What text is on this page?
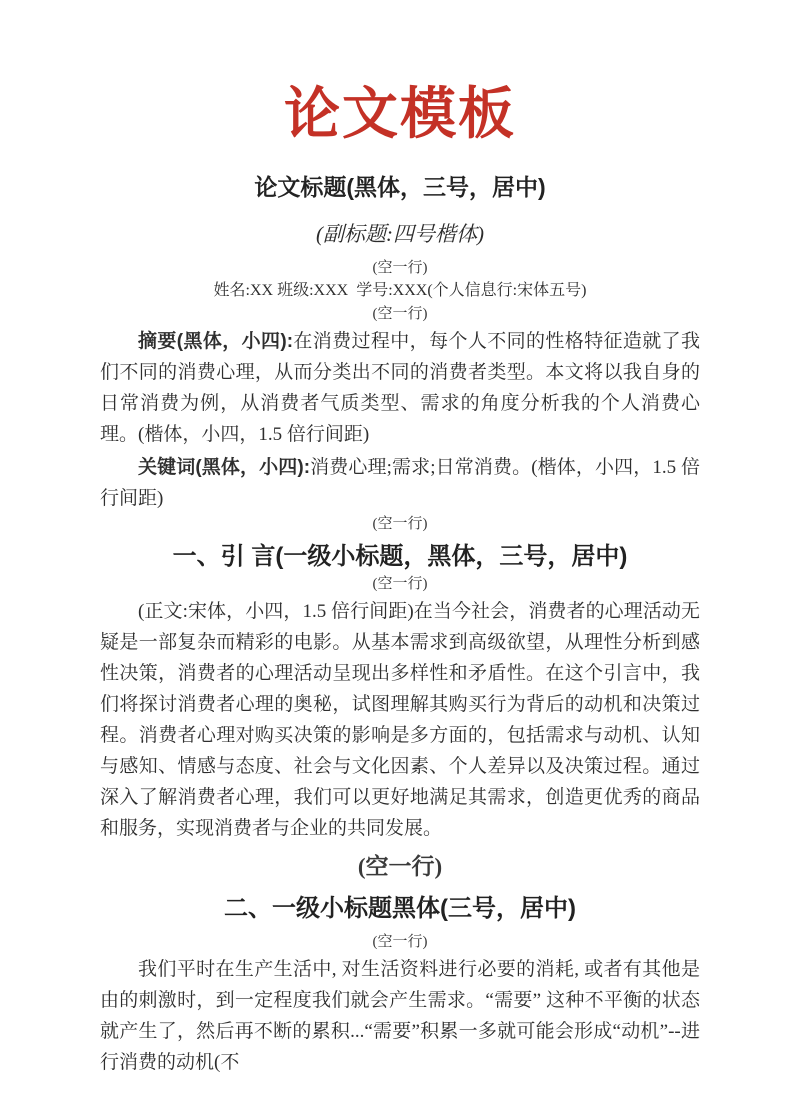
论文模板
论文标题(黑体，三号，居中)
(副标题:四号楷体)
(空一行)
姓名:XX 班级:XXX  学号:XXX(个人信息行:宋体五号)
(空一行)

摘要(黑体，小四):在消费过程中，每个人不同的性格特征造就了我们不同的消费心理，从而分类出不同的消费者类型。本文将以我自身的日常消费为例，从消费者气质类型、需求的角度分析我的个人消费心理。(楷体，小四，1.5 倍行间距)

关键词(黑体，小四):消费心理;需求;日常消费。(楷体，小四，1.5 倍行间距)

(空一行)
一、引 言(一级小标题，黑体，三号，居中)
(空一行)

(正文:宋体，小四，1.5 倍行间距)在当今社会，消费者的心理活动无疑是一部复杂而精彩的电影。从基本需求到高级欲望，从理性分析到感性决策，消费者的心理活动呈现出多样性和矛盾性。在这个引言中，我们将探讨消费者心理的奥秘，试图理解其购买行为背后的动机和决策过程。消费者心理对购买决策的影响是多方面的，包括需求与动机、认知与感知、情感与态度、社会与文化因素、个人差异以及决策过程。通过深入了解消费者心理，我们可以更好地满足其需求，创造更优秀的商品和服务，实现消费者与企业的共同发展。

(空一行)
二、一级小标题黑体(三号，居中)
(空一行)

我们平时在生产生活中, 对生活资料进行必要的消耗, 或者有其他是由的刺激时，到一定程度我们就会产生需求。“需要” 这种不平衡的状态就产生了，然后再不断的累积...“需要”积累一多就可能会形成“动机”--进行消费的动机(不
